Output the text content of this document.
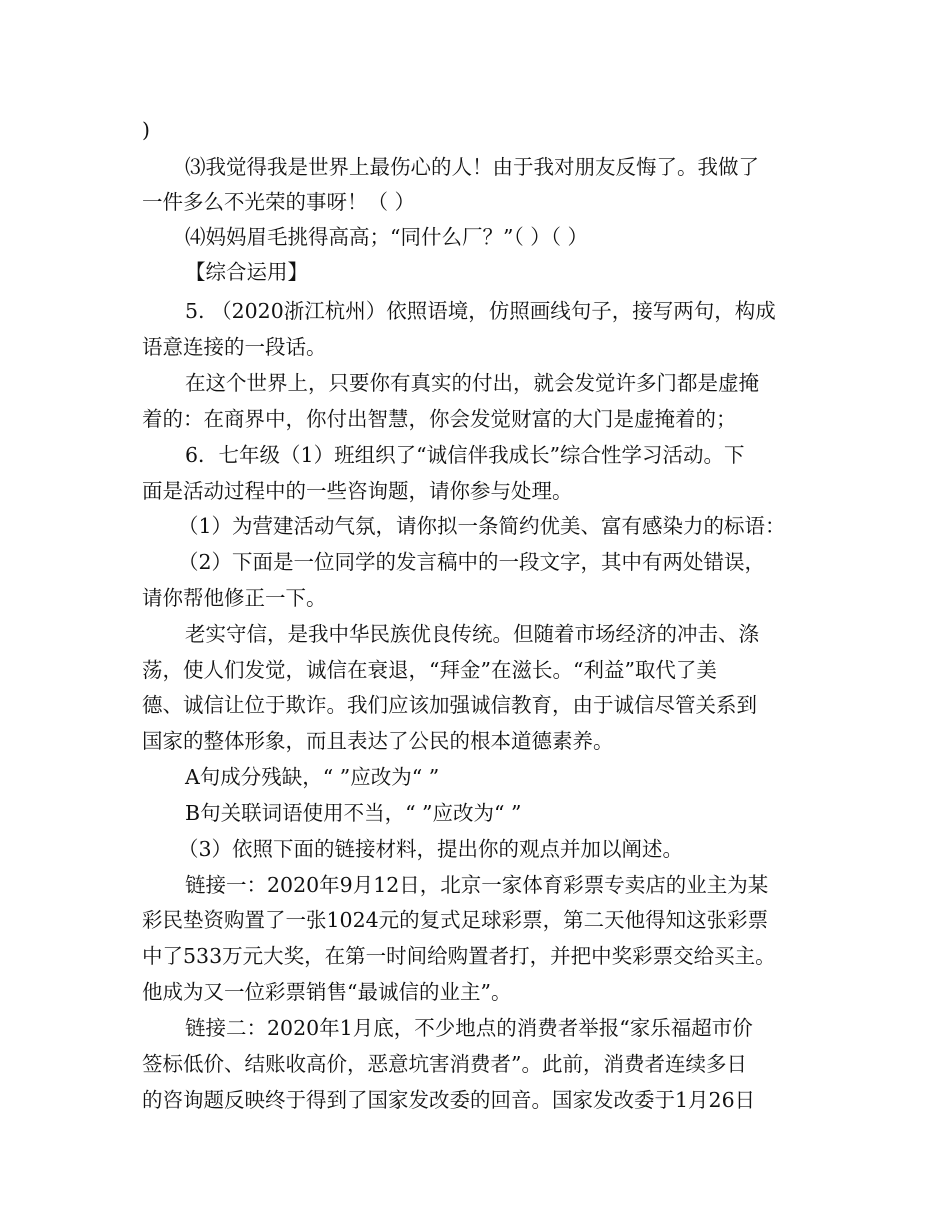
)
⑶我觉得我是世界上最伤心的人！由于我对朋友反悔了。我做了
一件多么不光荣的事呀！（ ）
⑷妈妈眉毛挑得高高；“同什么厂？”（ ）（ ）
【综合运用】
5. （2020浙江杭州）依照语境，仿照画线句子，接写两句，构成
语意连接的一段话。
在这个世界上，只要你有真实的付出，就会发觉许多门都是虚掩
着的：在商界中，你付出智慧，你会发觉财富的大门是虚掩着的；
6．七年级（1）班组织了“诚信伴我成长”综合性学习活动。下
面是活动过程中的一些咨询题，请你参与处理。
（1）为营建活动气氛，请你拟一条简约优美、富有感染力的标语：
（2）下面是一位同学的发言稿中的一段文字，其中有两处错误，
请你帮他修正一下。
老实守信，是我中华民族优良传统。但随着市场经济的冲击、涤
荡，使人们发觉，诚信在衰退，“拜金”在滋长。“利益”取代了美
德、诚信让位于欺诈。我们应该加强诚信教育，由于诚信尽管关系到
国家的整体形象，而且表达了公民的根本道德素养。
A句成分残缺，“ ”应改为“ ”
B句关联词语使用不当，“ ”应改为“ ”
（3）依照下面的链接材料，提出你的观点并加以阐述。
链接一：2020年9月12日，北京一家体育彩票专卖店的业主为某
彩民垫资购置了一张1024元的复式足球彩票，第二天他得知这张彩票
中了533万元大奖，在第一时间给购置者打，并把中奖彩票交给买主。
他成为又一位彩票销售“最诚信的业主”。
链接二：2020年1月底，不少地点的消费者举报“家乐福超市价
签标低价、结账收高价，恶意坑害消费者”。此前，消费者连续多日
的咨询题反映终于得到了国家发改委的回音。国家发改委于1月26日
